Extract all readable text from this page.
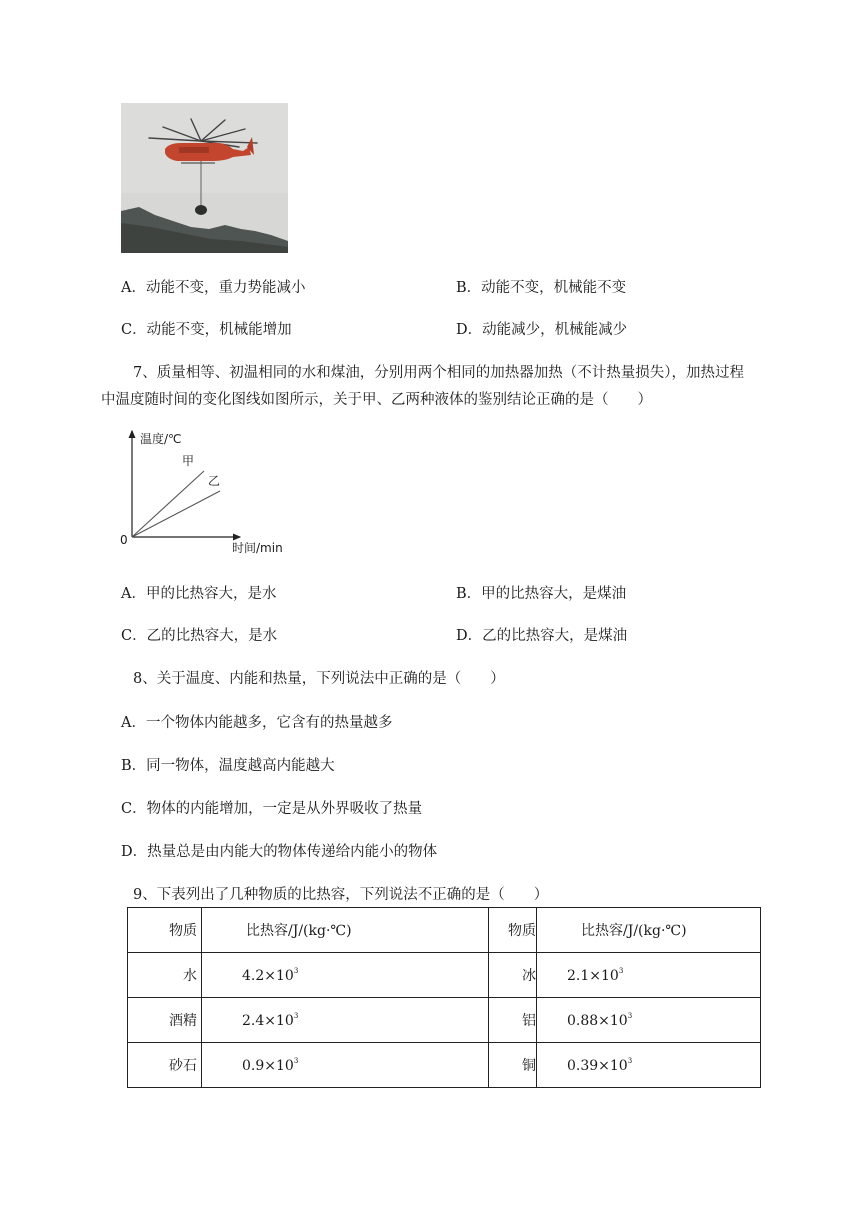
A．动能不变，重力势能减小	B．动能不变，机械能不变
C．动能不变，机械能增加	D．动能减少，机械能减少
7、质量相等、初温相同的水和煤油，分别用两个相同的加热器加热（不计热量损失），加热过程
中温度随时间的变化图线如图所示，关于甲、乙两种液体的鉴别结论正确的是（　　）
温度/℃
甲
乙
0
时间/min
A．甲的比热容大，是水	B．甲的比热容大，是煤油
C．乙的比热容大，是水	D．乙的比热容大，是煤油
8、关于温度、内能和热量，下列说法中正确的是（　　）
A．一个物体内能越多，它含有的热量越多
B．同一物体，温度越高内能越大
C．物体的内能增加，一定是从外界吸收了热量
D．热量总是由内能大的物体传递给内能小的物体
9、下表列出了几种物质的比热容，下列说法不正确的是（　　）
物质	比热容/J/(kg·℃)	物质	比热容/J/(kg·℃)
水	$4.2\times 10^3$	冰	$2.1\times 10^3$
酒精	$2.4\times 10^3$	铝	$0.88\times 10^3$
砂石	$0.9\times 10^3$	铜	$0.39\times 10^3$
